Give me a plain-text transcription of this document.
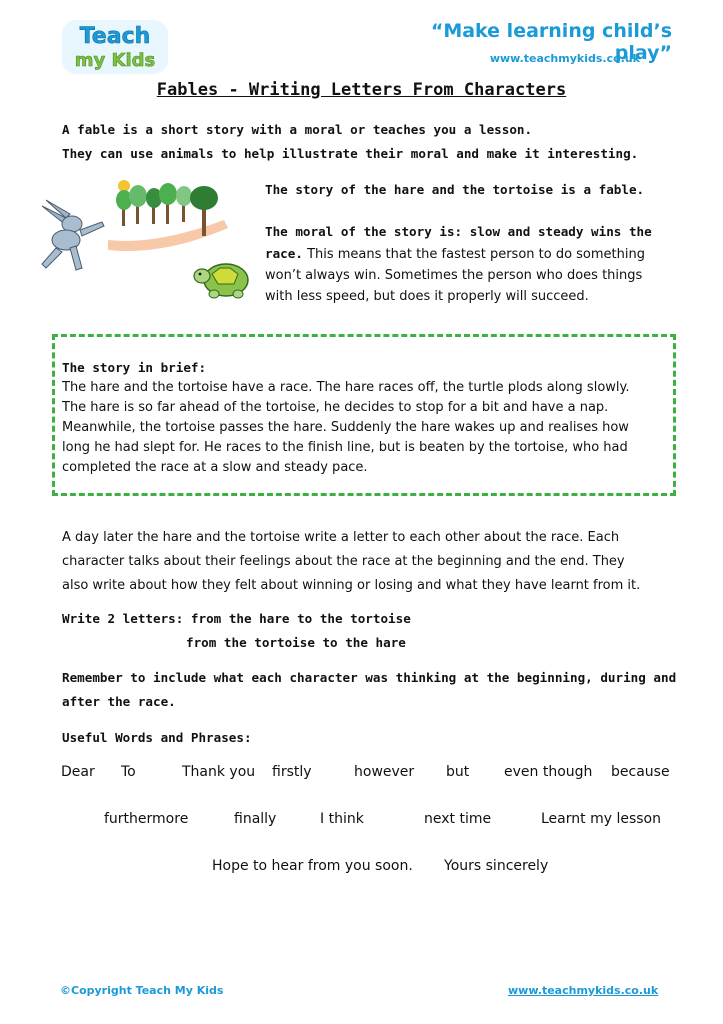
Teach
my Kids
“Make learning child’s play”
www.teachmykids.co.uk
Fables - Writing Letters From Characters
A fable is a short story with a moral or teaches you a lesson.
They can use animals to help illustrate their moral and make it interesting.
The story of the hare and the tortoise is a fable.
The moral of the story is: slow and steady wins the
race. This means that the fastest person to do something
won’t always win. Sometimes the person who does things
with less speed, but does it properly will succeed.
The story in brief:
The hare and the tortoise have a race. The hare races off, the turtle plods along slowly.
The hare is so far ahead of the tortoise, he decides to stop for a bit and have a nap.
Meanwhile, the tortoise passes the hare. Suddenly the hare wakes up and realises how
long he had slept for. He races to the finish line, but is beaten by the tortoise, who had
completed the race at a slow and steady pace.
A day later the hare and the tortoise write a letter to each other about the race. Each
character talks about their feelings about the race at the beginning and the end. They
also write about how they felt about winning or losing and what they have learnt from it.
Write 2 letters: from the hare to the tortoise
from the tortoise to the hare
Remember to include what each character was thinking at the beginning, during and
after the race.
Useful Words and Phrases:
Dear To	Thank you firstly	however but even though because
furthermore	finally	I think	next time	Learnt my lesson
Hope to hear from you soon. Yours sincerely
©Copyright Teach My Kids	www.teachmykids.co.uk
